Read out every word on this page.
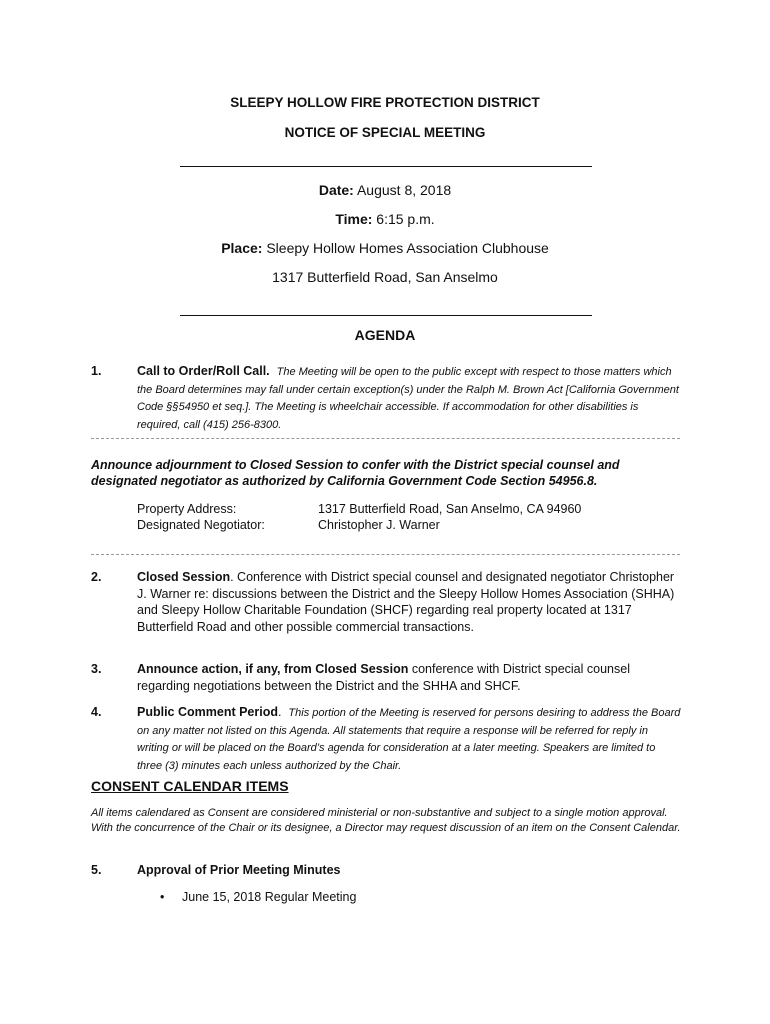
SLEEPY HOLLOW FIRE PROTECTION DISTRICT
NOTICE OF SPECIAL MEETING
Date: August 8, 2018
Time: 6:15 p.m.
Place: Sleepy Hollow Homes Association Clubhouse
1317 Butterfield Road, San Anselmo
AGENDA
1.	Call to Order/Roll Call. The Meeting will be open to the public except with respect to those matters which the Board determines may fall under certain exception(s) under the Ralph M. Brown Act [California Government Code §§54950 et seq.]. The Meeting is wheelchair accessible. If accommodation for other disabilities is required, call (415) 256-8300.
Announce adjournment to Closed Session to confer with the District special counsel and designated negotiator as authorized by California Government Code Section 54956.8.
Property Address:	1317 Butterfield Road, San Anselmo, CA 94960
Designated Negotiator:	Christopher J. Warner
2.	Closed Session. Conference with District special counsel and designated negotiator Christopher J. Warner re: discussions between the District and the Sleepy Hollow Homes Association (SHHA) and Sleepy Hollow Charitable Foundation (SHCF) regarding real property located at 1317 Butterfield Road and other possible commercial transactions.
3.	Announce action, if any, from Closed Session conference with District special counsel regarding negotiations between the District and the SHHA and SHCF.
4.	Public Comment Period.  This portion of the Meeting is reserved for persons desiring to address the Board on any matter not listed on this Agenda. All statements that require a response will be referred for reply in writing or will be placed on the Board’s agenda for consideration at a later meeting. Speakers are limited to three (3) minutes each unless authorized by the Chair.
CONSENT CALENDAR ITEMS
All items calendared as Consent are considered ministerial or non-substantive and subject to a single motion approval. With the concurrence of the Chair or its designee, a Director may request discussion of an item on the Consent Calendar.
5.	Approval of Prior Meeting Minutes
• June 15, 2018 Regular Meeting
